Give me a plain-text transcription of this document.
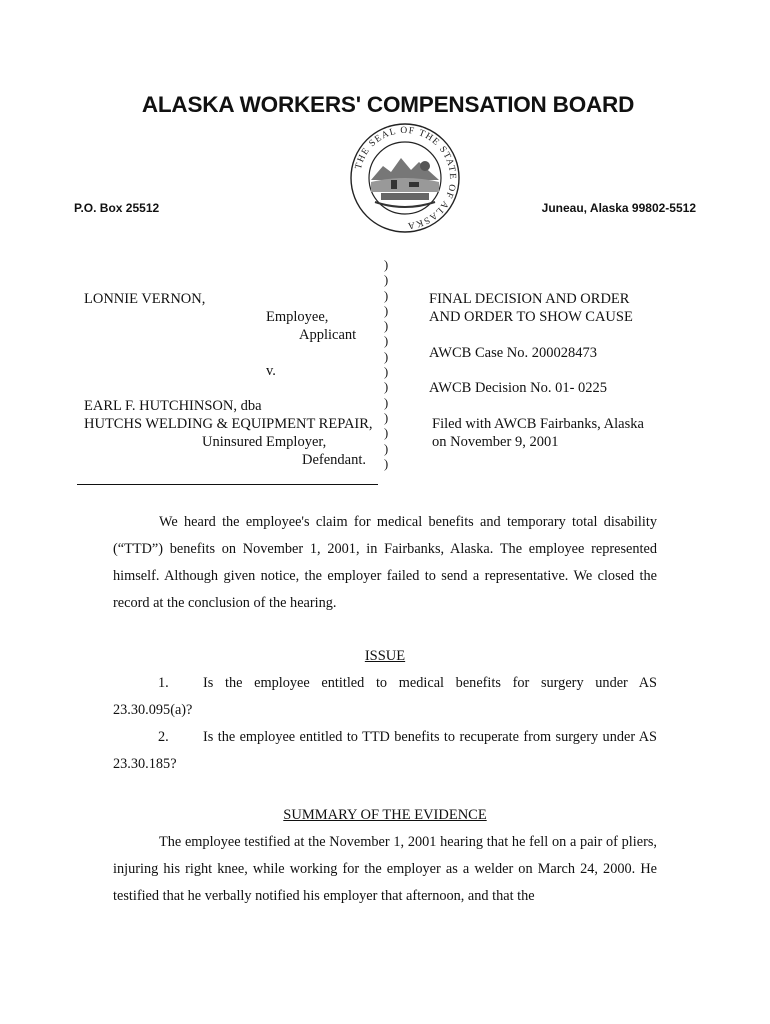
ALASKA WORKERS' COMPENSATION BOARD
THE SEAL OF THE STATE OF ALASKA
P.O. Box 25512	Juneau, Alaska 99802-5512
)
)
)
)
)
)
)
)
)
)
)
)
)
)
LONNIE VERNON,
Employee,
Applicant
v.
EARL F. HUTCHINSON, dba
HUTCHS WELDING & EQUIPMENT REPAIR,
Uninsured Employer,
Defendant.
FINAL DECISION AND ORDER
AND ORDER TO SHOW CAUSE
AWCB Case No. 200028473
AWCB Decision No. 01- 0225
Filed with AWCB Fairbanks, Alaska
on November 9, 2001
We heard the employee's claim for medical benefits and temporary total disability (“TTD”) benefits on November 1, 2001, in Fairbanks, Alaska. The employee represented himself. Although given notice, the employer failed to send a representative. We closed the record at the conclusion of the hearing.
ISSUE
1. Is the employee entitled to medical benefits for surgery under AS 23.30.095(a)?
2. Is the employee entitled to TTD benefits to recuperate from surgery under AS 23.30.185?
SUMMARY OF THE EVIDENCE
The employee testified at the November 1, 2001 hearing that he fell on a pair of pliers, injuring his right knee, while working for the employer as a welder on March 24, 2000. He testified that he verbally notified his employer that afternoon, and that the
